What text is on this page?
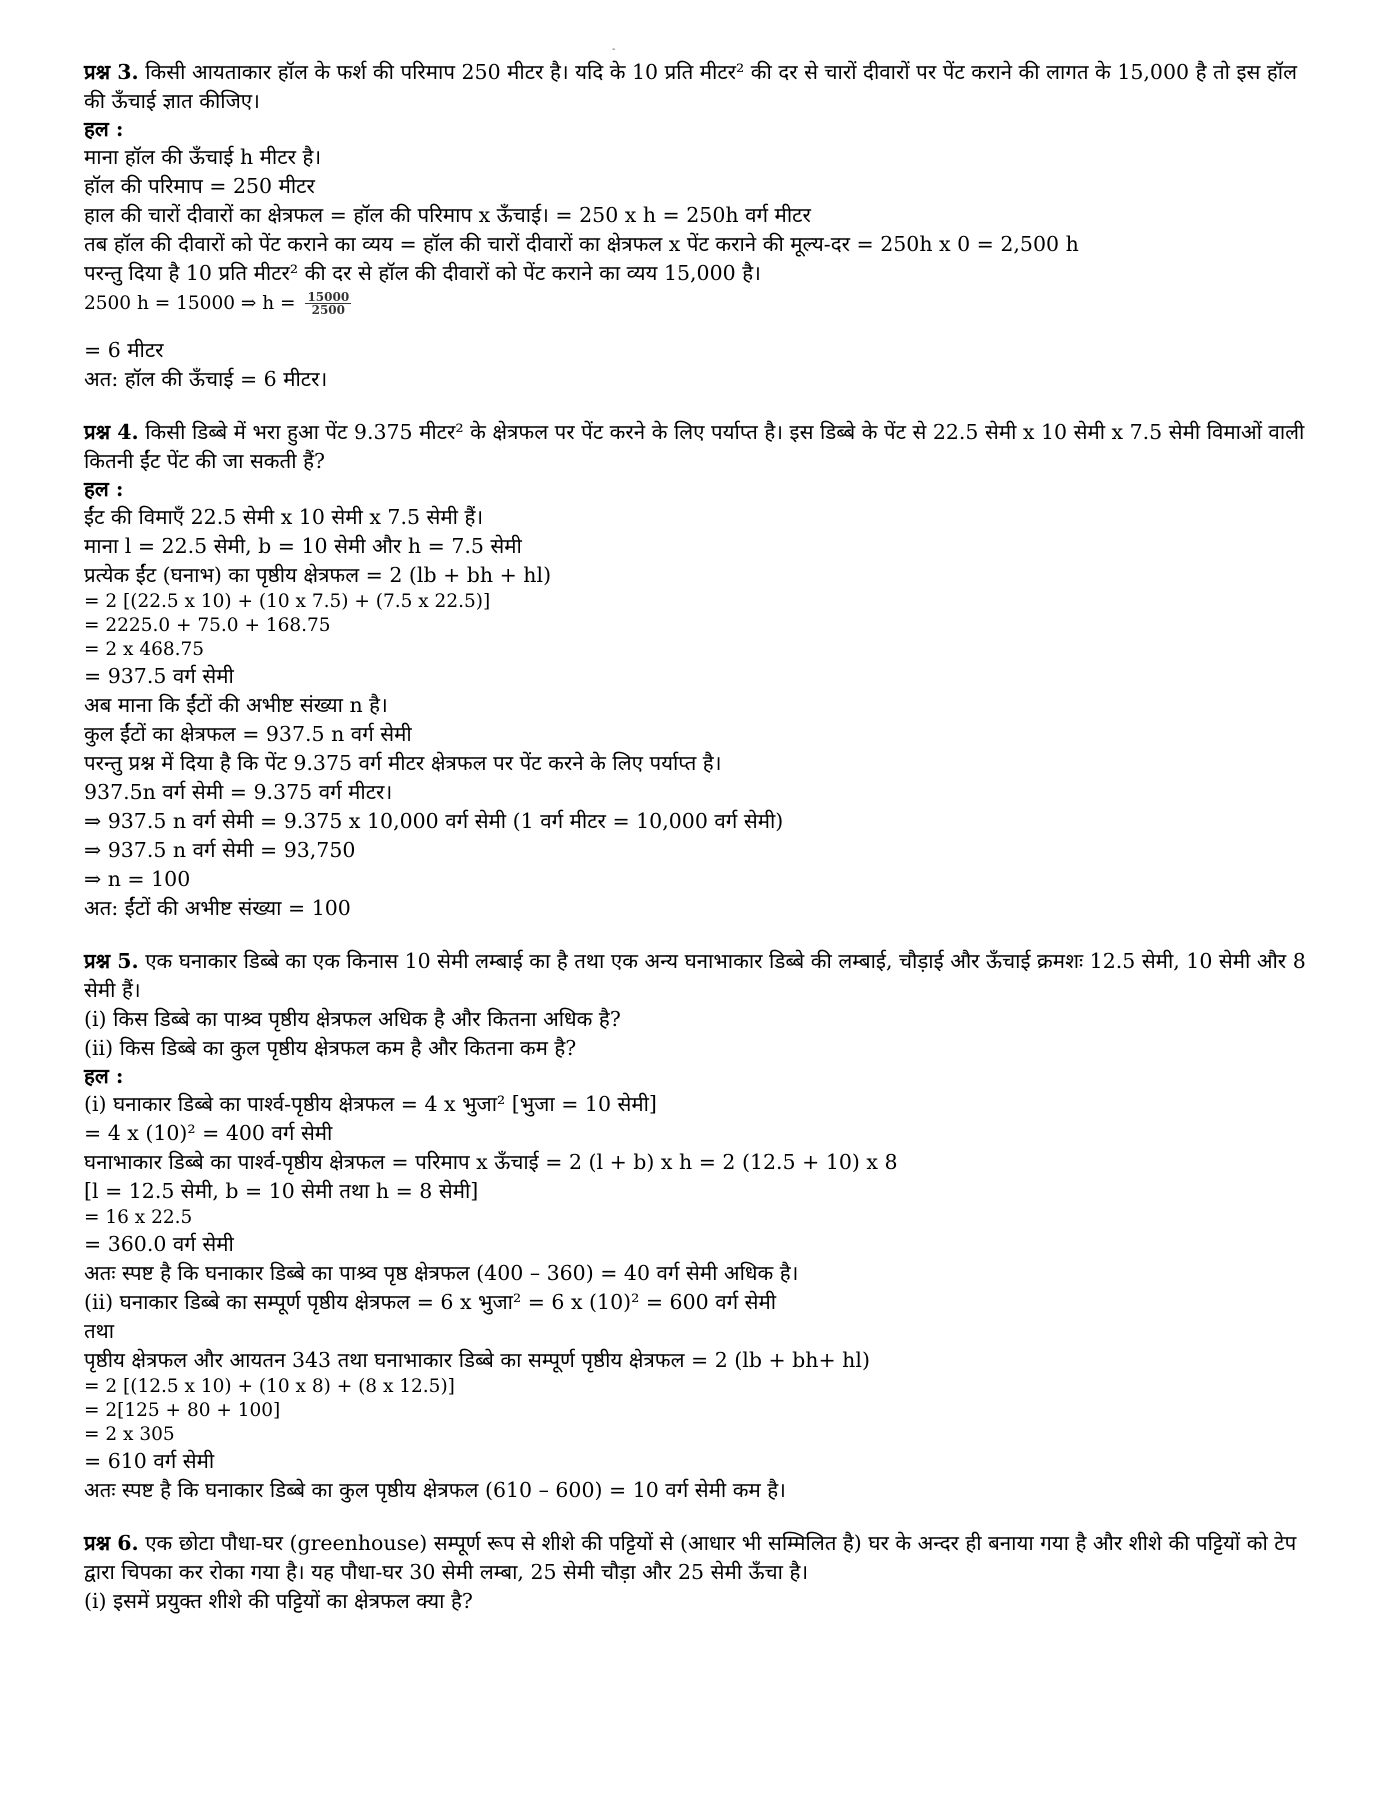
-
प्रश्न 3. किसी आयताकार हॉल के फर्श की परिमाप 250 मीटर है। यदि के 10 प्रति मीटर² की दर से चारों दीवारों पर पेंट कराने की लागत के 15,000 है तो इस हॉल की ऊँचाई ज्ञात कीजिए।
हल :
माना हॉल की ऊँचाई h मीटर है।
हॉल की परिमाप = 250 मीटर
हाल की चारों दीवारों का क्षेत्रफल = हॉल की परिमाप x ऊँचाई। = 250 x h = 250h वर्ग मीटर
तब हॉल की दीवारों को पेंट कराने का व्यय = हॉल की चारों दीवारों का क्षेत्रफल x पेंट कराने की मूल्य-दर = 250h x 0 = 2,500 h
परन्तु दिया है 10 प्रति मीटर² की दर से हॉल की दीवारों को पेंट कराने का व्यय 15,000 है।
2500 h = 15000 ⇒ $h = \frac{15000}{2500}$
= 6 मीटर
अत: हॉल की ऊँचाई = 6 मीटर।
प्रश्न 4. किसी डिब्बे में भरा हुआ पेंट 9.375 मीटर² के क्षेत्रफल पर पेंट करने के लिए पर्याप्त है। इस डिब्बे के पेंट से 22.5 सेमी x 10 सेमी x 7.5 सेमी विमाओं वाली कितनी ईंट पेंट की जा सकती हैं?
हल :
ईंट की विमाएँ 22.5 सेमी x 10 सेमी x 7.5 सेमी हैं।
माना l = 22.5 सेमी, b = 10 सेमी और h = 7.5 सेमी
प्रत्येक ईंट (घनाभ) का पृष्ठीय क्षेत्रफल = 2 (lb + bh + hl)
= 2 [(22.5 x 10) + (10 x 7.5) + (7.5 x 22.5)]
= 2225.0 + 75.0 + 168.75
= 2 x 468.75
= 937.5 वर्ग सेमी
अब माना कि ईंटों की अभीष्ट संख्या n है।
कुल ईंटों का क्षेत्रफल = 937.5 n वर्ग सेमी
परन्तु प्रश्न में दिया है कि पेंट 9.375 वर्ग मीटर क्षेत्रफल पर पेंट करने के लिए पर्याप्त है।
937.5n वर्ग सेमी = 9.375 वर्ग मीटर।
⇒ 937.5 n वर्ग सेमी = 9.375 x 10,000 वर्ग सेमी (1 वर्ग मीटर = 10,000 वर्ग सेमी)
⇒ 937.5 n वर्ग सेमी = 93,750
⇒ n = 100
अत: ईंटों की अभीष्ट संख्या = 100
प्रश्न 5. एक घनाकार डिब्बे का एक किनास 10 सेमी लम्बाई का है तथा एक अन्य घनाभाकार डिब्बे की लम्बाई, चौड़ाई और ऊँचाई क्रमशः 12.5 सेमी, 10 सेमी और 8 सेमी हैं।
(i) किस डिब्बे का पाश्र्व पृष्ठीय क्षेत्रफल अधिक है और कितना अधिक है?
(ii) किस डिब्बे का कुल पृष्ठीय क्षेत्रफल कम है और कितना कम है?
हल :
(i) घनाकार डिब्बे का पार्श्व-पृष्ठीय क्षेत्रफल = 4 x भुजा² [भुजा = 10 सेमी]
= 4 x (10)² = 400 वर्ग सेमी
घनाभाकार डिब्बे का पार्श्व-पृष्ठीय क्षेत्रफल = परिमाप x ऊँचाई = 2 (l + b) x h = 2 (12.5 + 10) x 8
[l = 12.5 सेमी, b = 10 सेमी तथा h = 8 सेमी]
= 16 x 22.5
= 360.0 वर्ग सेमी
अतः स्पष्ट है कि घनाकार डिब्बे का पाश्र्व पृष्ठ क्षेत्रफल (400 – 360) = 40 वर्ग सेमी अधिक है।
(ii) घनाकार डिब्बे का सम्पूर्ण पृष्ठीय क्षेत्रफल = 6 x भुजा² = 6 x (10)² = 600 वर्ग सेमी
तथा
पृष्ठीय क्षेत्रफल और आयतन 343 तथा घनाभाकार डिब्बे का सम्पूर्ण पृष्ठीय क्षेत्रफल = 2 (lb + bh+ hl)
= 2 [(12.5 x 10) + (10 x 8) + (8 x 12.5)]
= 2[125 + 80 + 100]
= 2 x 305
= 610 वर्ग सेमी
अतः स्पष्ट है कि घनाकार डिब्बे का कुल पृष्ठीय क्षेत्रफल (610 – 600) = 10 वर्ग सेमी कम है।
प्रश्न 6. एक छोटा पौधा-घर (greenhouse) सम्पूर्ण रूप से शीशे की पट्टियों से (आधार भी सम्मिलित है) घर के अन्दर ही बनाया गया है और शीशे की पट्टियों को टेप द्वारा चिपका कर रोका गया है। यह पौधा-घर 30 सेमी लम्बा, 25 सेमी चौड़ा और 25 सेमी ऊँचा है।
(i) इसमें प्रयुक्त शीशे की पट्टियों का क्षेत्रफल क्या है?
